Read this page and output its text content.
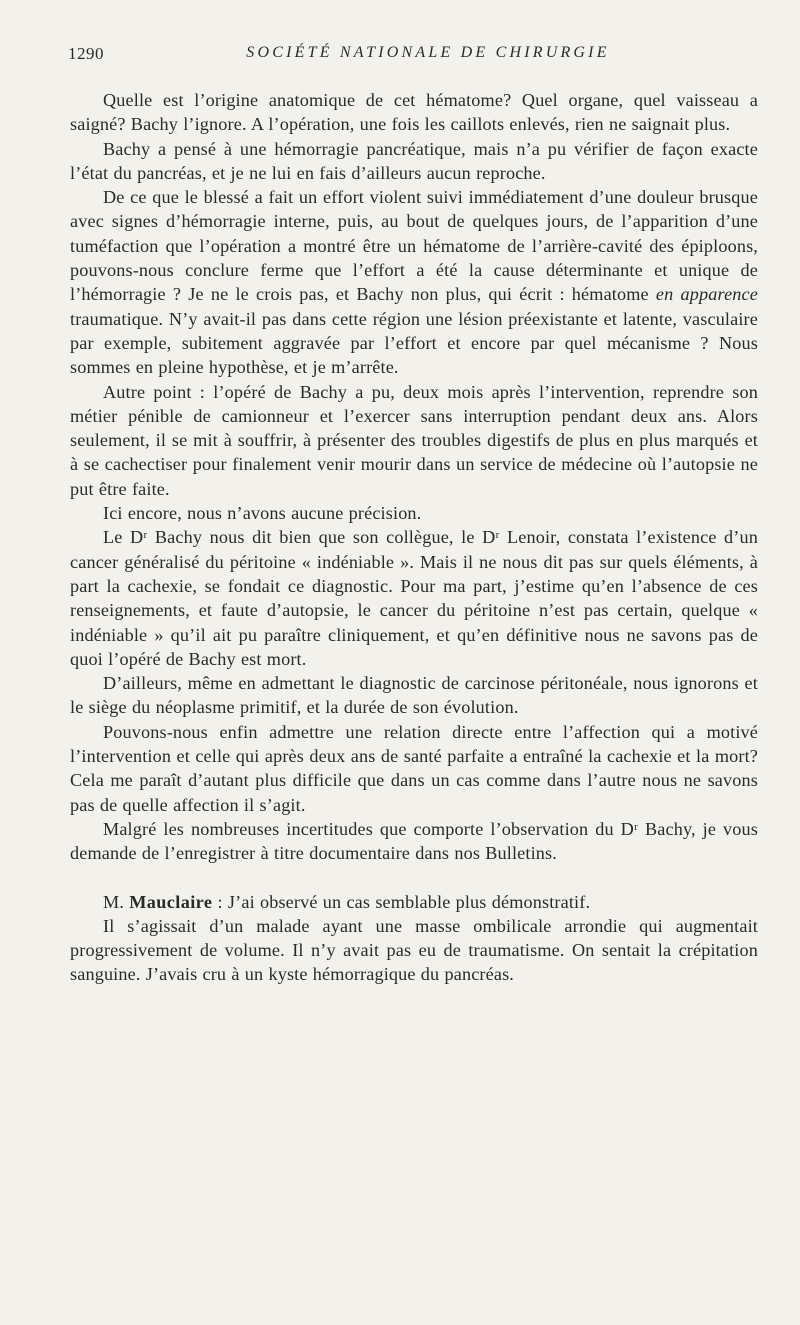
1290	SOCIÉTÉ NATIONALE DE CHIRURGIE

Quelle est l’origine anatomique de cet hématome? Quel organe, quel vaisseau a saigné? Bachy l’ignore. A l’opération, une fois les caillots enlevés, rien ne saignait plus.

Bachy a pensé à une hémorragie pancréatique, mais n’a pu vérifier de façon exacte l’état du pancréas, et je ne lui en fais d’ailleurs aucun reproche.

De ce que le blessé a fait un effort violent suivi immédiatement d’une douleur brusque avec signes d’hémorragie interne, puis, au bout de quelques jours, de l’apparition d’une tuméfaction que l’opération a montré être un hématome de l’arrière-cavité des épiploons, pouvons-nous conclure ferme que l’effort a été la cause déterminante et unique de l’hémorragie ? Je ne le crois pas, et Bachy non plus, qui écrit : hématome en apparence traumatique. N’y avait-il pas dans cette région une lésion préexistante et latente, vasculaire par exemple, subitement aggravée par l’effort et encore par quel mécanisme ? Nous sommes en pleine hypothèse, et je m’arrête.

Autre point : l’opéré de Bachy a pu, deux mois après l’intervention, reprendre son métier pénible de camionneur et l’exercer sans interruption pendant deux ans. Alors seulement, il se mit à souffrir, à présenter des troubles digestifs de plus en plus marqués et à se cachectiser pour finalement venir mourir dans un service de médecine où l’autopsie ne put être faite.

Ici encore, nous n’avons aucune précision.

Le Dʳ Bachy nous dit bien que son collègue, le Dʳ Lenoir, constata l’existence d’un cancer généralisé du péritoine « indéniable ». Mais il ne nous dit pas sur quels éléments, à part la cachexie, se fondait ce diagnostic. Pour ma part, j’estime qu’en l’absence de ces renseignements, et faute d’autopsie, le cancer du péritoine n’est pas certain, quelque « indéniable » qu’il ait pu paraître cliniquement, et qu’en définitive nous ne savons pas de quoi l’opéré de Bachy est mort.

D’ailleurs, même en admettant le diagnostic de carcinose péritonéale, nous ignorons et le siège du néoplasme primitif, et la durée de son évolution.

Pouvons-nous enfin admettre une relation directe entre l’affection qui a motivé l’intervention et celle qui après deux ans de santé parfaite a entraîné la cachexie et la mort? Cela me paraît d’autant plus difficile que dans un cas comme dans l’autre nous ne savons pas de quelle affection il s’agit.

Malgré les nombreuses incertitudes que comporte l’observation du Dʳ Bachy, je vous demande de l’enregistrer à titre documentaire dans nos Bulletins.

M. Mauclaire : J’ai observé un cas semblable plus démonstratif.

Il s’agissait d’un malade ayant une masse ombilicale arrondie qui augmentait progressivement de volume. Il n’y avait pas eu de traumatisme. On sentait la crépitation sanguine. J’avais cru à un kyste hémorragique du pancréas.
